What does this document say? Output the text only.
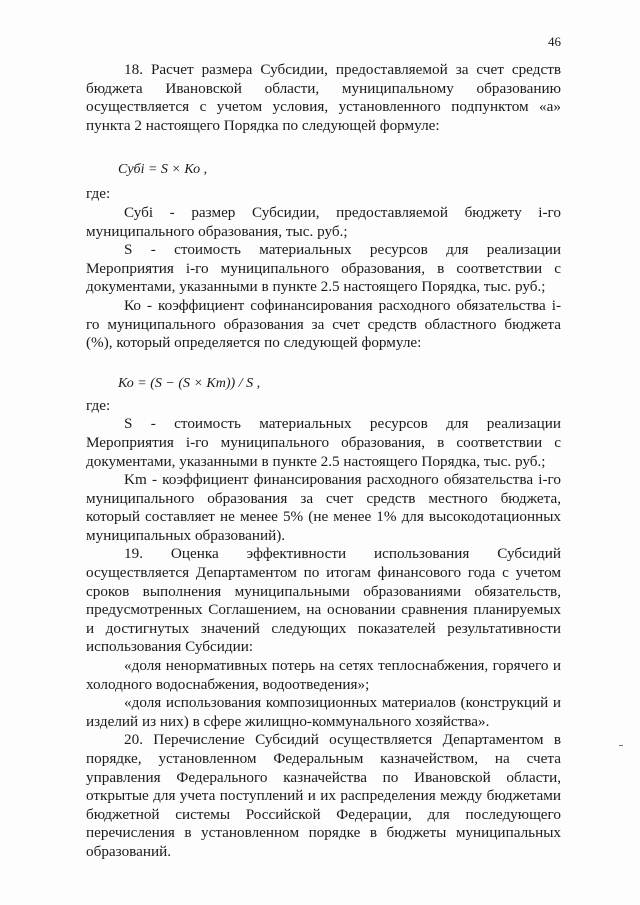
46

18. Расчет размера Субсидии, предоставляемой за счет средств бюджета Ивановской области, муниципальному образованию осуществляется с учетом условия, установленного подпунктом «а» пункта 2 настоящего Порядка по следующей формуле:

Субi = S × Ко ,

где:

Субi - размер Субсидии, предоставляемой бюджету i-го муниципального образования, тыс. руб.;

S - стоимость материальных ресурсов для реализации Мероприятия i-го муниципального образования, в соответствии с документами, указанными в пункте 2.5 настоящего Порядка, тыс. руб.;

Ко - коэффициент софинансирования расходного обязательства i-го муниципального образования за счет средств областного бюджета (%), который определяется по следующей формуле:

Ко = (S − (S × Km)) / S ,

где:

S - стоимость материальных ресурсов для реализации Мероприятия i-го муниципального образования, в соответствии с документами, указанными в пункте 2.5 настоящего Порядка, тыс. руб.;

Km - коэффициент финансирования расходного обязательства i-го муниципального образования за счет средств местного бюджета, который составляет не менее 5% (не менее 1% для высокодотационных муниципальных образований).

19. Оценка эффективности использования Субсидий осуществляется Департаментом по итогам финансового года с учетом сроков выполнения муниципальными образованиями обязательств, предусмотренных Соглашением, на основании сравнения планируемых и достигнутых значений следующих показателей результативности использования Субсидии:

«доля ненормативных потерь на сетях теплоснабжения, горячего и холодного водоснабжения, водоотведения»;

«доля использования композиционных материалов (конструкций и изделий из них) в сфере жилищно-коммунального хозяйства».

20. Перечисление Субсидий осуществляется Департаментом в порядке, установленном Федеральным казначейством, на счета управления Федерального казначейства по Ивановской области, открытые для учета поступлений и их распределения между бюджетами бюджетной системы Российской Федерации, для последующего перечисления в установленном порядке в бюджеты муниципальных образований.
